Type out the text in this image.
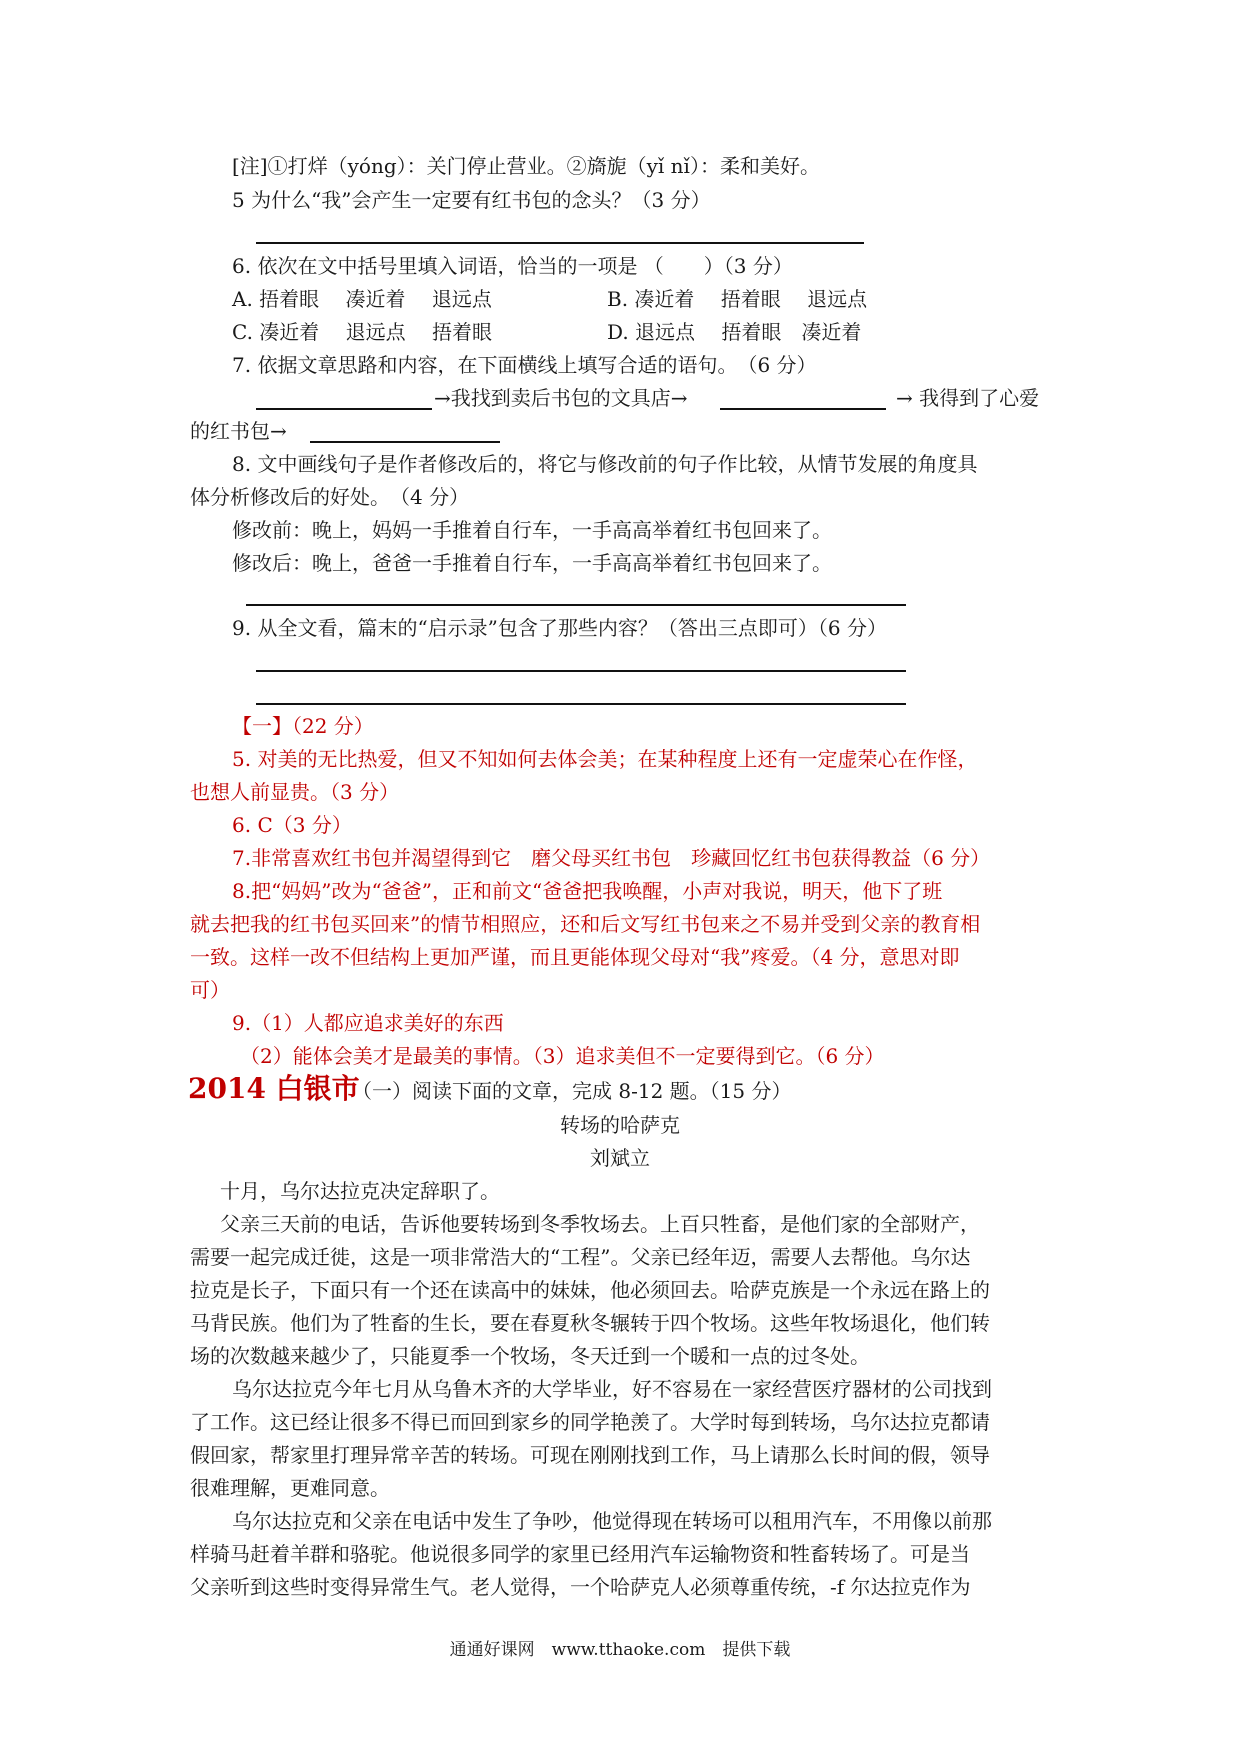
[注]①打烊（yóng）：关门停止营业。②旖旎（yǐ nǐ）：柔和美好。
5 为什么“我”会产生一定要有红书包的念头？（3 分）
6. 依次在文中括号里填入词语，恰当的一项是 （　　）（3 分）
A. 捂着眼　 凑近着　 退远点	B. 凑近着　 捂着眼　 退远点
C. 凑近着　 退远点　 捂着眼	D. 退远点　 捂着眼　凑近着
7. 依据文章思路和内容，在下面横线上填写合适的语句。　（6 分）
→我找到卖后书包的文具店→	→ 我得到了心爱
的红书包→
8. 文中画线句子是作者修改后的，将它与修改前的句子作比较，从情节发展的角度具
体分析修改后的好处。　（4 分）
修改前：晚上，妈妈一手推着自行车，一手高高举着红书包回来了。
修改后：晚上，爸爸一手推着自行车，一手高高举着红书包回来了。
9. 从全文看，篇末的“启示录”包含了那些内容？（答出三点即可）（6 分）
【一】（22 分）
5. 对美的无比热爱，但又不知如何去体会美；在某种程度上还有一定虚荣心在作怪，
也想人前显贵。（3 分）
6. C（3 分）
7.非常喜欢红书包并渴望得到它　磨父母买红书包　珍藏回忆红书包获得教益（6 分）
8.把“妈妈”改为“爸爸”，正和前文“爸爸把我唤醒，小声对我说，明天，他下了班
就去把我的红书包买回来”的情节相照应，还和后文写红书包来之不易并受到父亲的教育相
一致。这样一改不但结构上更加严谨，而且更能体现父母对“我”疼爱。（4 分，意思对即
可）
9.（1）人都应追求美好的东西
（2）能体会美才是最美的事情。（3）追求美但不一定要得到它。（6 分）
2014 白银市
（一）阅读下面的文章，完成 8-12 题。（15 分）
转场的哈萨克
刘斌立
十月，乌尔达拉克决定辞职了。
父亲三天前的电话，告诉他要转场到冬季牧场去。上百只牲畜，是他们家的全部财产，
需要一起完成迁徙，这是一项非常浩大的“工程”。父亲已经年迈，需要人去帮他。乌尔达
拉克是长子，下面只有一个还在读高中的妹妹，他必须回去。哈萨克族是一个永远在路上的
马背民族。他们为了牲畜的生长，要在春夏秋冬辗转于四个牧场。这些年牧场退化，他们转
场的次数越来越少了，只能夏季一个牧场，冬天迁到一个暖和一点的过冬处。
乌尔达拉克今年七月从乌鲁木齐的大学毕业，好不容易在一家经营医疗器材的公司找到
了工作。这已经让很多不得已而回到家乡的同学艳羡了。大学时每到转场，乌尔达拉克都请
假回家，帮家里打理异常辛苦的转场。可现在刚刚找到工作，马上请那么长时间的假，领导
很难理解，更难同意。
乌尔达拉克和父亲在电话中发生了争吵，他觉得现在转场可以租用汽车，不用像以前那
样骑马赶着羊群和骆驼。他说很多同学的家里已经用汽车运输物资和牲畜转场了。可是当
父亲听到这些时变得异常生气。老人觉得，一个哈萨克人必须尊重传统，-f 尔达拉克作为
通通好课网　www.tthaoke.com　提供下载
